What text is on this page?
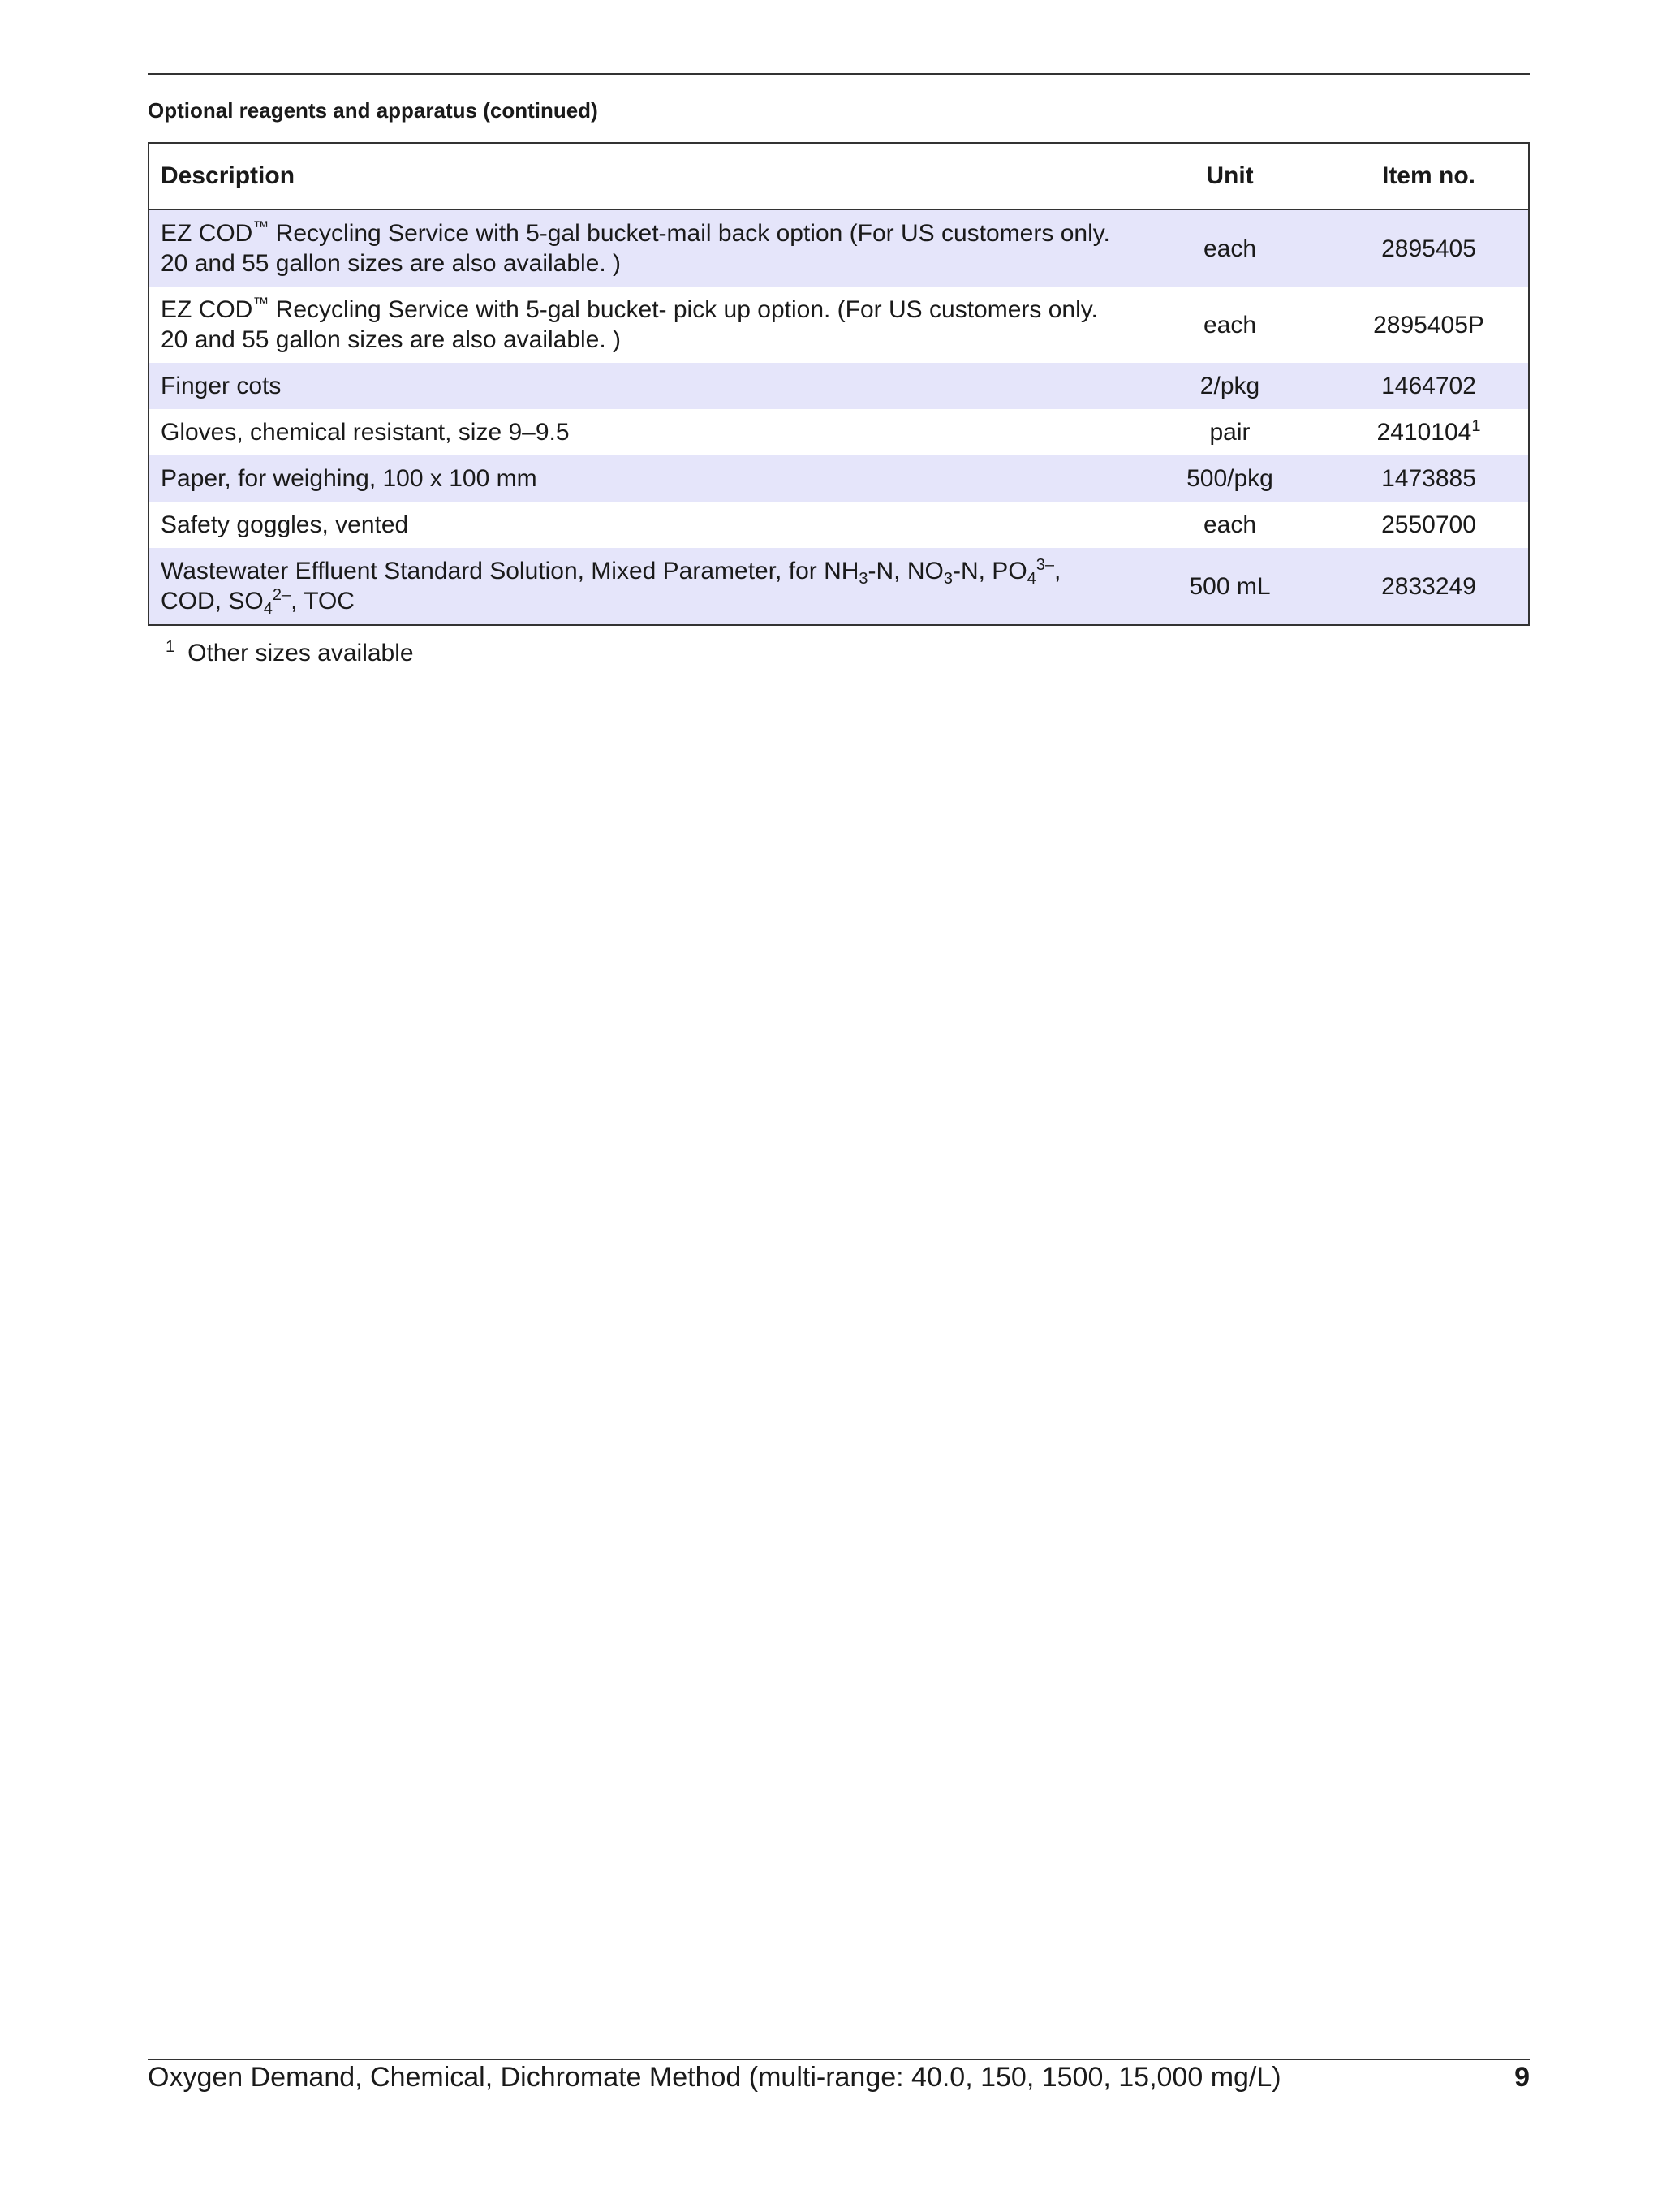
Optional reagents and apparatus (continued)
Description	Unit	Item no.
EZ COD™ Recycling Service with 5-gal bucket-mail back option (For US customers only. 20 and 55 gallon sizes are also available. )	each	2895405
EZ COD™ Recycling Service with 5-gal bucket- pick up option. (For US customers only. 20 and 55 gallon sizes are also available. )	each	2895405P
Finger cots	2/pkg	1464702
Gloves, chemical resistant, size 9–9.5	pair	2410104$^1$
Paper, for weighing, 100 x 100 mm	500/pkg	1473885
Safety goggles, vented	each	2550700
Wastewater Effluent Standard Solution, Mixed Parameter, for $NH_3-N$, $NO_3-N$, $PO_4^{3-}$, COD, $SO_4^{2-}$, TOC	500 mL	2833249
$^1$ Other sizes available
Oxygen Demand, Chemical, Dichromate Method (multi-range: 40.0, 150, 1500, 15,000 mg/L)	9
